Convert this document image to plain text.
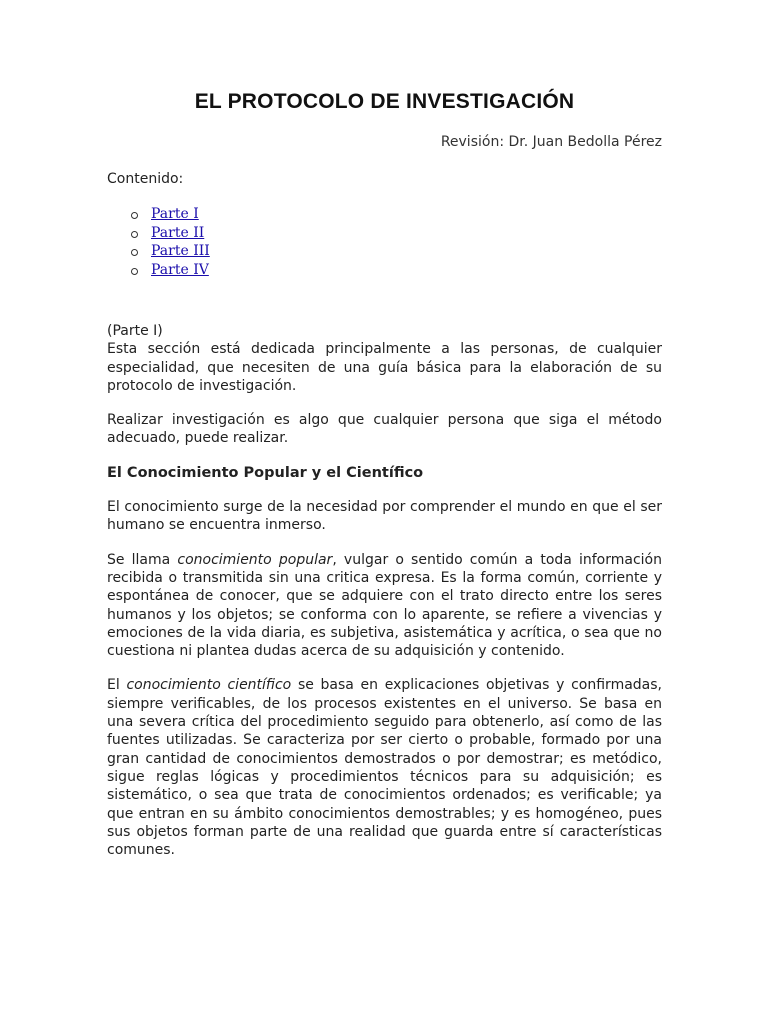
EL PROTOCOLO DE INVESTIGACIÓN
Revisión: Dr. Juan Bedolla Pérez
Contenido:
Parte I
Parte II
Parte III
Parte IV

(Parte I)

Esta sección está dedicada principalmente a las personas, de cualquier especialidad, que necesiten de una guía básica para la elaboración de su protocolo de investigación.

Realizar investigación es algo que cualquier persona que siga el método adecuado, puede realizar.

El Conocimiento Popular y el Científico

El conocimiento surge de la necesidad por comprender el mundo en que el ser humano se encuentra inmerso.

Se llama conocimiento popular, vulgar o sentido común a toda información recibida o transmitida sin una critica expresa. Es la forma común, corriente y espontánea de conocer, que se adquiere con el trato directo entre los seres humanos y los objetos; se conforma con lo aparente, se refiere a vivencias y emociones de la vida diaria, es subjetiva, asistemática y acrítica, o sea que no cuestiona ni plantea dudas acerca de su adquisición y contenido.

El conocimiento científico se basa en explicaciones objetivas y confirmadas, siempre verificables, de los procesos existentes en el universo. Se basa en una severa crítica del procedimiento seguido para obtenerlo, así como de las fuentes utilizadas. Se caracteriza por ser cierto o probable, formado por una gran cantidad de conocimientos demostrados o por demostrar; es metódico, sigue reglas lógicas y procedimientos técnicos para su adquisición; es sistemático, o sea que trata de conocimientos ordenados; es verificable; ya que entran en su ámbito conocimientos demostrables; y es homogéneo, pues sus objetos forman parte de una realidad que guarda entre sí características comunes.
